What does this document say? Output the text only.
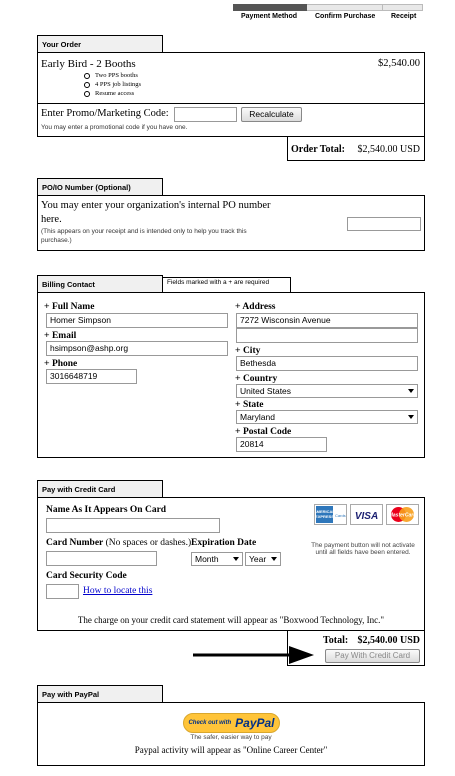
Payment Method	Confirm Purchase Receipt
Your Order
Early Bird - 2 Booths	$2,540.00
Two PPS booths
4 PPS job listings
Resume access
Enter Promo/Marketing Code:	Recalculate
You may enter a promotional code if you have one.
Order Total: $2,540.00 USD
PO/IO Number (Optional)
You may enter your organization's internal PO number
here.
(This appears on your receipt and is intended only to help you track this
purchase.)
Billing Contact	Fields marked with a + are required
+ Full Name
Homer Simpson
+ Email
hsimpson@ashp.org
+ Phone
3016648719
+ Address
7272 Wisconsin Avenue
+ City
Bethesda
+ Country
United States
+ State
Maryland
+ Postal Code
20814
Pay with Credit Card
Name As It Appears On Card
Card Number (No spaces or dashes.) Expiration Date
Month	Year
Card Security Code
How to locate this
AMERICAN
EXPRESS Cards VISA MasterCard
The payment button will not activate
until all fields have been entered.
The charge on your credit card statement will appear as "Boxwood Technology, Inc."
Total: $2,540.00 USD
Pay With Credit Card
Pay with PayPal
Check out with PayPal
The safer, easier way to pay
Paypal activity will appear as "Online Career Center"
